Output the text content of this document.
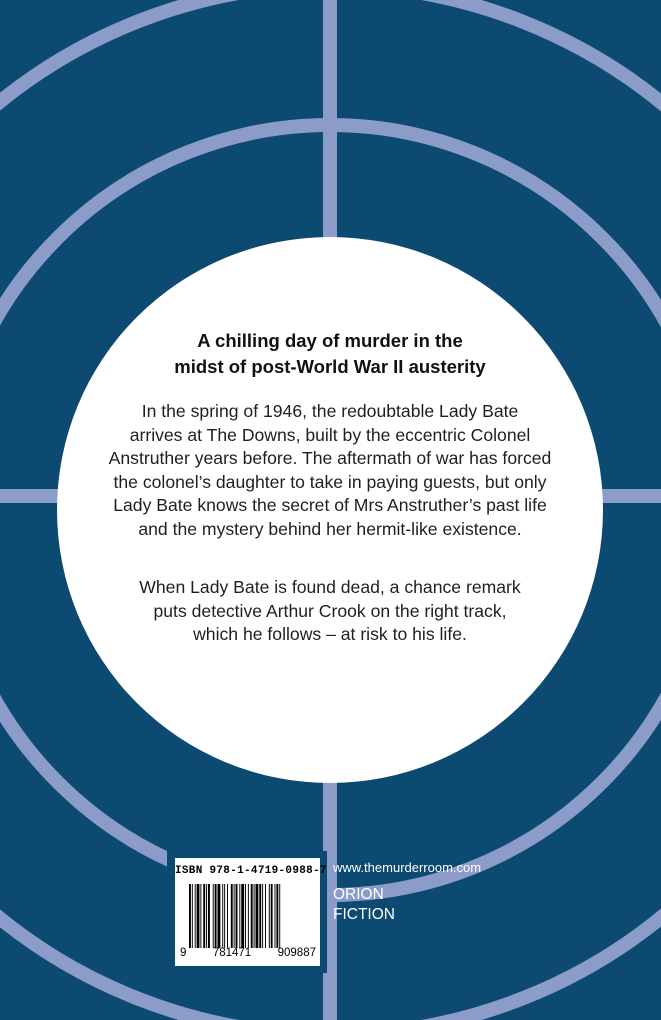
A chilling day of murder in the
midst of post-World War II austerity
In the spring of 1946, the redoubtable Lady Bate
arrives at The Downs, built by the eccentric Colonel
Anstruther years before. The aftermath of war has forced
the colonel’s daughter to take in paying guests, but only
Lady Bate knows the secret of Mrs Anstruther’s past life
and the mystery behind her hermit-like existence.
When Lady Bate is found dead, a chance remark
puts detective Arthur Crook on the right track,
which he follows – at risk to his life.
ISBN 978-1-4719-0988-7
9 781471 909887
www.themurderroom.com
ORION
FICTION
